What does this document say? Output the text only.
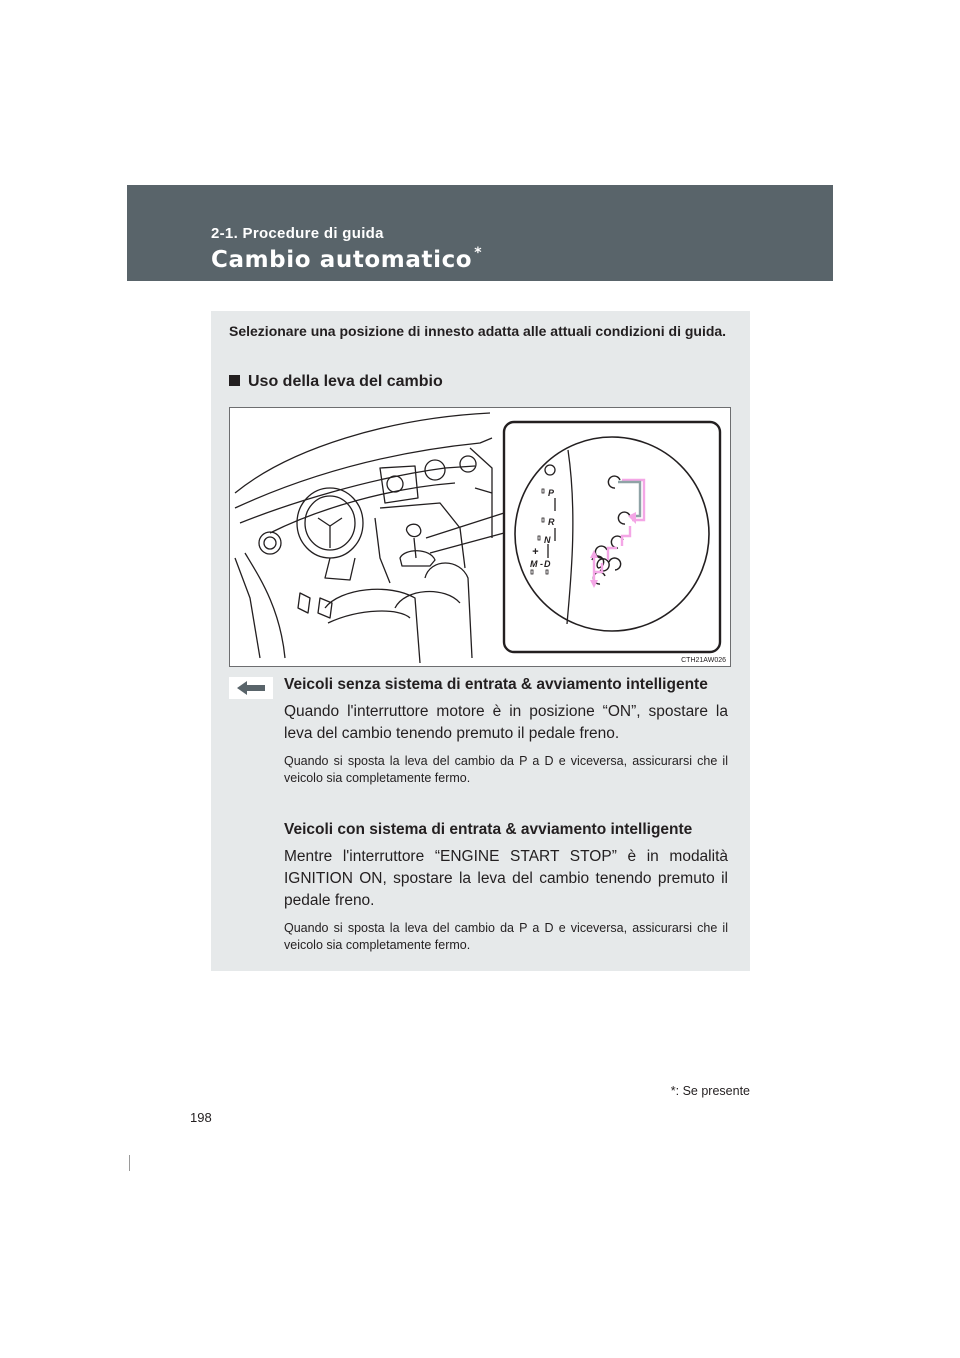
2-1. Procedure di guida
Cambio automatico *
Selezionare una posizione di innesto adatta alle attuali condizioni di guida.
Uso della leva del cambio
P
R
N
D
M
+
-
CTH21AW026
Veicoli senza sistema di entrata & avviamento intelligente
Quando l'interruttore motore è in posizione “ON”, spostare la leva del cambio tenendo premuto il pedale freno.
Quando si sposta la leva del cambio da P a D e viceversa, assicurarsi che il veicolo sia completamente fermo.
Veicoli con sistema di entrata & avviamento intelligente
Mentre l'interruttore “ENGINE START STOP” è in modalità IGNITION ON, spostare la leva del cambio tenendo premuto il pedale freno.
Quando si sposta la leva del cambio da P a D e viceversa, assicurarsi che il veicolo sia completamente fermo.
*: Se presente
198
